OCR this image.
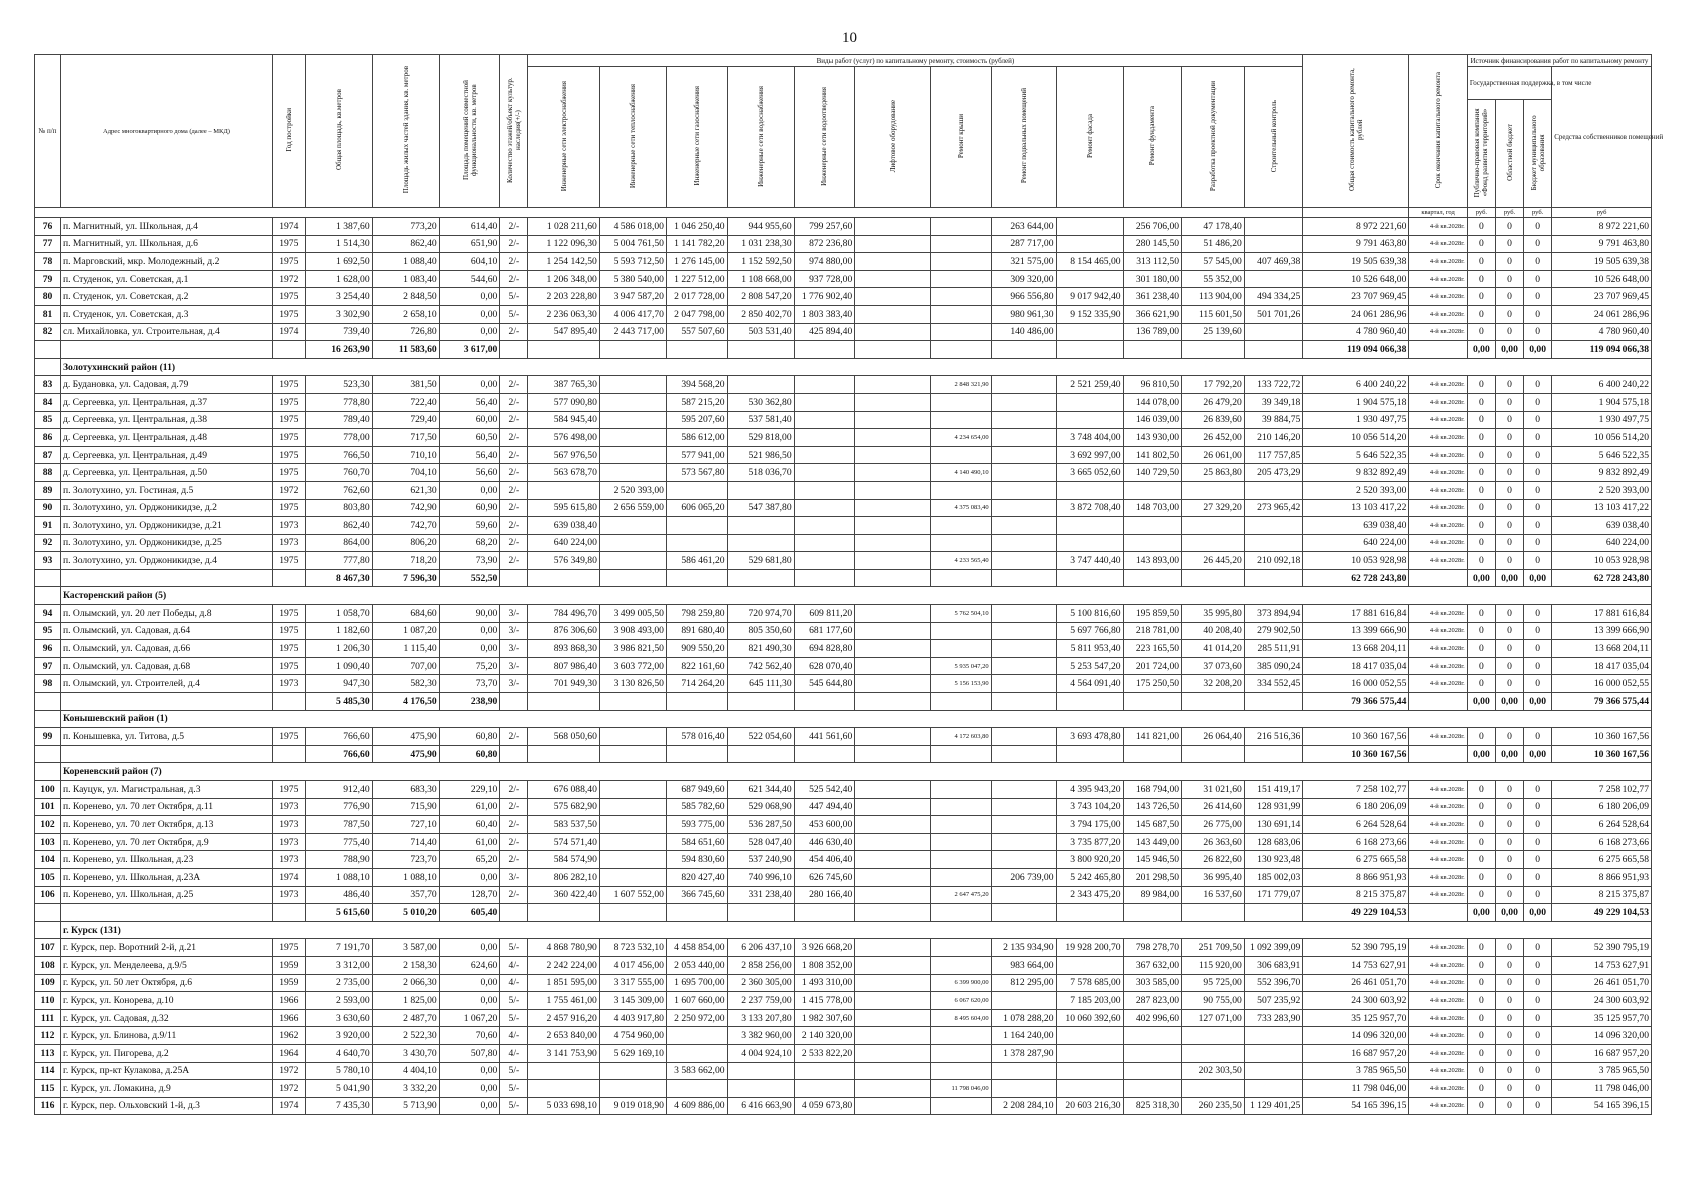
10
№ п/п	Адрес многоквартирного дома (далее – МКД)	Год постройки	Общая площадь, кв.метров	Площадь жилых частей здания, кв. метров	Площадь помещений совместной функциональности, кв. метров	Количество этажей/объект культур. наследия(+/-)	Виды работ (услуг) по капитальному ремонту, стоимость (рублей)												Общая стоимость капитального ремонта, рублей	Срок окончания капитального ремонта	Источник финансирования работ по капитальному ремонту			
							Инженерные сети электроснабжения	Инженерные сети теплоснабжения	Инженерные сети газоснабжения	Инженерные сети водоснабжения	Инженерные сети водоотведения	Лифтовое оборудование	Ремонт крыши	Ремонт подвальных помещений	Ремонт фасада	Ремонт фундамента	Разработка проектной документации	Строительный контроль			Государственная поддержка, в том числе			Средства собственников помещений
																					Публично-правовая компания «Фонд развития территорий»	Областной бюджет	Бюджет муниципального образования	
																				квартал, год	руб.	руб.	руб.	руб
76	п. Магнитный, ул. Школьная, д.4	1974	1 387,60	773,20	614,40	2/-	1 028 211,60	4 586 018,00	1 046 250,40	944 955,60	799 257,60			263 644,00		256 706,00	47 178,40		8 972 221,60	4-й кв.2028г.	0	0	0	8 972 221,60
77	п. Магнитный, ул. Школьная, д.6	1975	1 514,30	862,40	651,90	2/-	1 122 096,30	5 004 761,50	1 141 782,20	1 031 238,30	872 236,80			287 717,00		280 145,50	51 486,20		9 791 463,80	4-й кв.2028г.	0	0	0	9 791 463,80
78	п. Марговский, мкр. Молодежный, д.2	1975	1 692,50	1 088,40	604,10	2/-	1 254 142,50	5 593 712,50	1 276 145,00	1 152 592,50	974 880,00			321 575,00	8 154 465,00	313 112,50	57 545,00	407 469,38	19 505 639,38	4-й кв.2028г.	0	0	0	19 505 639,38
79	п. Студенок, ул. Советская, д.1	1972	1 628,00	1 083,40	544,60	2/-	1 206 348,00	5 380 540,00	1 227 512,00	1 108 668,00	937 728,00			309 320,00		301 180,00	55 352,00		10 526 648,00	4-й кв.2028г.	0	0	0	10 526 648,00
80	п. Студенок, ул. Советская, д.2	1975	3 254,40	2 848,50	0,00	5/-	2 203 228,80	3 947 587,20	2 017 728,00	2 808 547,20	1 776 902,40			966 556,80	9 017 942,40	361 238,40	113 904,00	494 334,25	23 707 969,45	4-й кв.2028г.	0	0	0	23 707 969,45
81	п. Студенок, ул. Советская, д.3	1975	3 302,90	2 658,10	0,00	5/-	2 236 063,30	4 006 417,70	2 047 798,00	2 850 402,70	1 803 383,40			980 961,30	9 152 335,90	366 621,90	115 601,50	501 701,26	24 061 286,96	4-й кв.2028г.	0	0	0	24 061 286,96
82	сл. Михайловка, ул. Строительная, д.4	1974	739,40	726,80	0,00	2/-	547 895,40	2 443 717,00	557 507,60	503 531,40	425 894,40			140 486,00		136 789,00	25 139,60		4 780 960,40	4-й кв.2028г.	0	0	0	4 780 960,40
			16 263,90	11 583,60	3 617,00														119 094 066,38		0,00	0,00	0,00	119 094 066,38
	Золотухинский район (11)																							
83	д. Будановка, ул. Садовая, д.79	1975	523,30	381,50	0,00	2/-	387 765,30		394 568,20				2 848 321,90		2 521 259,40	96 810,50	17 792,20	133 722,72	6 400 240,22	4-й кв.2028г.	0	0	0	6 400 240,22
84	д. Сергеевка, ул. Центральная, д.37	1975	778,80	722,40	56,40	2/-	577 090,80		587 215,20	530 362,80						144 078,00	26 479,20	39 349,18	1 904 575,18	4-й кв.2028г.	0	0	0	1 904 575,18
85	д. Сергеевка, ул. Центральная, д.38	1975	789,40	729,40	60,00	2/-	584 945,40		595 207,60	537 581,40						146 039,00	26 839,60	39 884,75	1 930 497,75	4-й кв.2028г.	0	0	0	1 930 497,75
86	д. Сергеевка, ул. Центральная, д.48	1975	778,00	717,50	60,50	2/-	576 498,00		586 612,00	529 818,00			4 234 654,00		3 748 404,00	143 930,00	26 452,00	210 146,20	10 056 514,20	4-й кв.2028г.	0	0	0	10 056 514,20
87	д. Сергеевка, ул. Центральная, д.49	1975	766,50	710,10	56,40	2/-	567 976,50		577 941,00	521 986,50					3 692 997,00	141 802,50	26 061,00	117 757,85	5 646 522,35	4-й кв.2028г.	0	0	0	5 646 522,35
88	д. Сергеевка, ул. Центральная, д.50	1975	760,70	704,10	56,60	2/-	563 678,70		573 567,80	518 036,70			4 140 490,10		3 665 052,60	140 729,50	25 863,80	205 473,29	9 832 892,49	4-й кв.2028г.	0	0	0	9 832 892,49
89	п. Золотухино, ул. Гостиная, д.5	1972	762,60	621,30	0,00	2/-		2 520 393,00											2 520 393,00	4-й кв.2028г.	0	0	0	2 520 393,00
90	п. Золотухино, ул. Орджоникидзе, д.2	1975	803,80	742,90	60,90	2/-	595 615,80	2 656 559,00	606 065,20	547 387,80			4 375 083,40		3 872 708,40	148 703,00	27 329,20	273 965,42	13 103 417,22	4-й кв.2028г.	0	0	0	13 103 417,22
91	п. Золотухино, ул. Орджоникидзе, д.21	1973	862,40	742,70	59,60	2/-	639 038,40												639 038,40	4-й кв.2028г.	0	0	0	639 038,40
92	п. Золотухино, ул. Орджоникидзе, д.25	1973	864,00	806,20	68,20	2/-	640 224,00												640 224,00	4-й кв.2028г.	0	0	0	640 224,00
93	п. Золотухино, ул. Орджоникидзе, д.4	1975	777,80	718,20	73,90	2/-	576 349,80		586 461,20	529 681,80			4 233 565,40		3 747 440,40	143 893,00	26 445,20	210 092,18	10 053 928,98	4-й кв.2028г.	0	0	0	10 053 928,98
			8 467,30	7 596,30	552,50														62 728 243,80		0,00	0,00	0,00	62 728 243,80
	Касторенский район (5)																							
94	п. Олымский, ул. 20 лет Победы, д.8	1975	1 058,70	684,60	90,00	3/-	784 496,70	3 499 005,50	798 259,80	720 974,70	609 811,20		5 762 504,10		5 100 816,60	195 859,50	35 995,80	373 894,94	17 881 616,84	4-й кв.2028г.	0	0	0	17 881 616,84
95	п. Олымский, ул. Садовая, д.64	1975	1 182,60	1 087,20	0,00	3/-	876 306,60	3 908 493,00	891 680,40	805 350,60	681 177,60				5 697 766,80	218 781,00	40 208,40	279 902,50	13 399 666,90	4-й кв.2028г.	0	0	0	13 399 666,90
96	п. Олымский, ул. Садовая, д.66	1975	1 206,30	1 115,40	0,00	3/-	893 868,30	3 986 821,50	909 550,20	821 490,30	694 828,80				5 811 953,40	223 165,50	41 014,20	285 511,91	13 668 204,11	4-й кв.2028г.	0	0	0	13 668 204,11
97	п. Олымский, ул. Садовая, д.68	1975	1 090,40	707,00	75,20	3/-	807 986,40	3 603 772,00	822 161,60	742 562,40	628 070,40		5 935 047,20		5 253 547,20	201 724,00	37 073,60	385 090,24	18 417 035,04	4-й кв.2028г.	0	0	0	18 417 035,04
98	п. Олымский, ул. Строителей, д.4	1973	947,30	582,30	73,70	3/-	701 949,30	3 130 826,50	714 264,20	645 111,30	545 644,80		5 156 153,90		4 564 091,40	175 250,50	32 208,20	334 552,45	16 000 052,55	4-й кв.2028г.	0	0	0	16 000 052,55
			5 485,30	4 176,50	238,90														79 366 575,44		0,00	0,00	0,00	79 366 575,44
	Конышевский район (1)																							
99	п. Конышевка, ул. Титова, д.5	1975	766,60	475,90	60,80	2/-	568 050,60		578 016,40	522 054,60	441 561,60		4 172 603,80		3 693 478,80	141 821,00	26 064,40	216 516,36	10 360 167,56	4-й кв.2028г.	0	0	0	10 360 167,56
			766,60	475,90	60,80														10 360 167,56		0,00	0,00	0,00	10 360 167,56
	Кореневский район (7)																							
100	п. Кауцук, ул. Магистральная, д.3	1975	912,40	683,30	229,10	2/-	676 088,40		687 949,60	621 344,40	525 542,40				4 395 943,20	168 794,00	31 021,60	151 419,17	7 258 102,77	4-й кв.2028г.	0	0	0	7 258 102,77
101	п. Коренево, ул. 70 лет Октября, д.11	1973	776,90	715,90	61,00	2/-	575 682,90		585 782,60	529 068,90	447 494,40				3 743 104,20	143 726,50	26 414,60	128 931,99	6 180 206,09	4-й кв.2028г.	0	0	0	6 180 206,09
102	п. Коренево, ул. 70 лет Октября, д.13	1973	787,50	727,10	60,40	2/-	583 537,50		593 775,00	536 287,50	453 600,00				3 794 175,00	145 687,50	26 775,00	130 691,14	6 264 528,64	4-й кв.2028г.	0	0	0	6 264 528,64
103	п. Коренево, ул. 70 лет Октября, д.9	1973	775,40	714,40	61,00	2/-	574 571,40		584 651,60	528 047,40	446 630,40				3 735 877,20	143 449,00	26 363,60	128 683,06	6 168 273,66	4-й кв.2028г.	0	0	0	6 168 273,66
104	п. Коренево, ул. Школьная, д.23	1973	788,90	723,70	65,20	2/-	584 574,90		594 830,60	537 240,90	454 406,40				3 800 920,20	145 946,50	26 822,60	130 923,48	6 275 665,58	4-й кв.2028г.	0	0	0	6 275 665,58
105	п. Коренево, ул. Школьная, д.23А	1974	1 088,10	1 088,10	0,00	3/-	806 282,10		820 427,40	740 996,10	626 745,60			206 739,00	5 242 465,80	201 298,50	36 995,40	185 002,03	8 866 951,93	4-й кв.2028г.	0	0	0	8 866 951,93
106	п. Коренево, ул. Школьная, д.25	1973	486,40	357,70	128,70	2/-	360 422,40	1 607 552,00	366 745,60	331 238,40	280 166,40		2 647 475,20		2 343 475,20	89 984,00	16 537,60	171 779,07	8 215 375,87	4-й кв.2028г.	0	0	0	8 215 375,87
			5 615,60	5 010,20	605,40														49 229 104,53		0,00	0,00	0,00	49 229 104,53
	г. Курск (131)																							
107	г. Курск, пер. Воротний 2-й, д.21	1975	7 191,70	3 587,00	0,00	5/-	4 868 780,90	8 723 532,10	4 458 854,00	6 206 437,10	3 926 668,20			2 135 934,90	19 928 200,70	798 278,70	251 709,50	1 092 399,09	52 390 795,19	4-й кв.2028г.	0	0	0	52 390 795,19
108	г. Курск, ул. Менделеева, д.9/5	1959	3 312,00	2 158,30	624,60	4/-	2 242 224,00	4 017 456,00	2 053 440,00	2 858 256,00	1 808 352,00			983 664,00		367 632,00	115 920,00	306 683,91	14 753 627,91	4-й кв.2028г.	0	0	0	14 753 627,91
109	г. Курск, ул. 50 лет Октября, д.6	1959	2 735,00	2 066,30	0,00	4/-	1 851 595,00	3 317 555,00	1 695 700,00	2 360 305,00	1 493 310,00		6 399 900,00	812 295,00	7 578 685,00	303 585,00	95 725,00	552 396,70	26 461 051,70	4-й кв.2028г.	0	0	0	26 461 051,70
110	г. Курск, ул. Конорева, д.10	1966	2 593,00	1 825,00	0,00	5/-	1 755 461,00	3 145 309,00	1 607 660,00	2 237 759,00	1 415 778,00		6 067 620,00		7 185 203,00	287 823,00	90 755,00	507 235,92	24 300 603,92	4-й кв.2028г.	0	0	0	24 300 603,92
111	г. Курск, ул. Садовая, д.32	1966	3 630,60	2 487,70	1 067,20	5/-	2 457 916,20	4 403 917,80	2 250 972,00	3 133 207,80	1 982 307,60		8 495 604,00	1 078 288,20	10 060 392,60	402 996,60	127 071,00	733 283,90	35 125 957,70	4-й кв.2028г.	0	0	0	35 125 957,70
112	г. Курск, ул. Блинова, д.9/11	1962	3 920,00	2 522,30	70,60	4/-	2 653 840,00	4 754 960,00		3 382 960,00	2 140 320,00			1 164 240,00					14 096 320,00	4-й кв.2028г.	0	0	0	14 096 320,00
113	г. Курск, ул. Пигорева, д.2	1964	4 640,70	3 430,70	507,80	4/-	3 141 753,90	5 629 169,10		4 004 924,10	2 533 822,20			1 378 287,90					16 687 957,20	4-й кв.2028г.	0	0	0	16 687 957,20
114	г. Курск, пр-кт Кулакова, д.25А	1972	5 780,10	4 404,10	0,00	5/-			3 583 662,00								202 303,50		3 785 965,50	4-й кв.2028г.	0	0	0	3 785 965,50
115	г. Курск, ул. Ломакина, д.9	1972	5 041,90	3 332,20	0,00	5/-							11 798 046,00						11 798 046,00	4-й кв.2028г.	0	0	0	11 798 046,00
116	г. Курск, пер. Ольховский 1-й, д.3	1974	7 435,30	5 713,90	0,00	5/-	5 033 698,10	9 019 018,90	4 609 886,00	6 416 663,90	4 059 673,80			2 208 284,10	20 603 216,30	825 318,30	260 235,50	1 129 401,25	54 165 396,15	4-й кв.2028г.	0	0	0	54 165 396,15
